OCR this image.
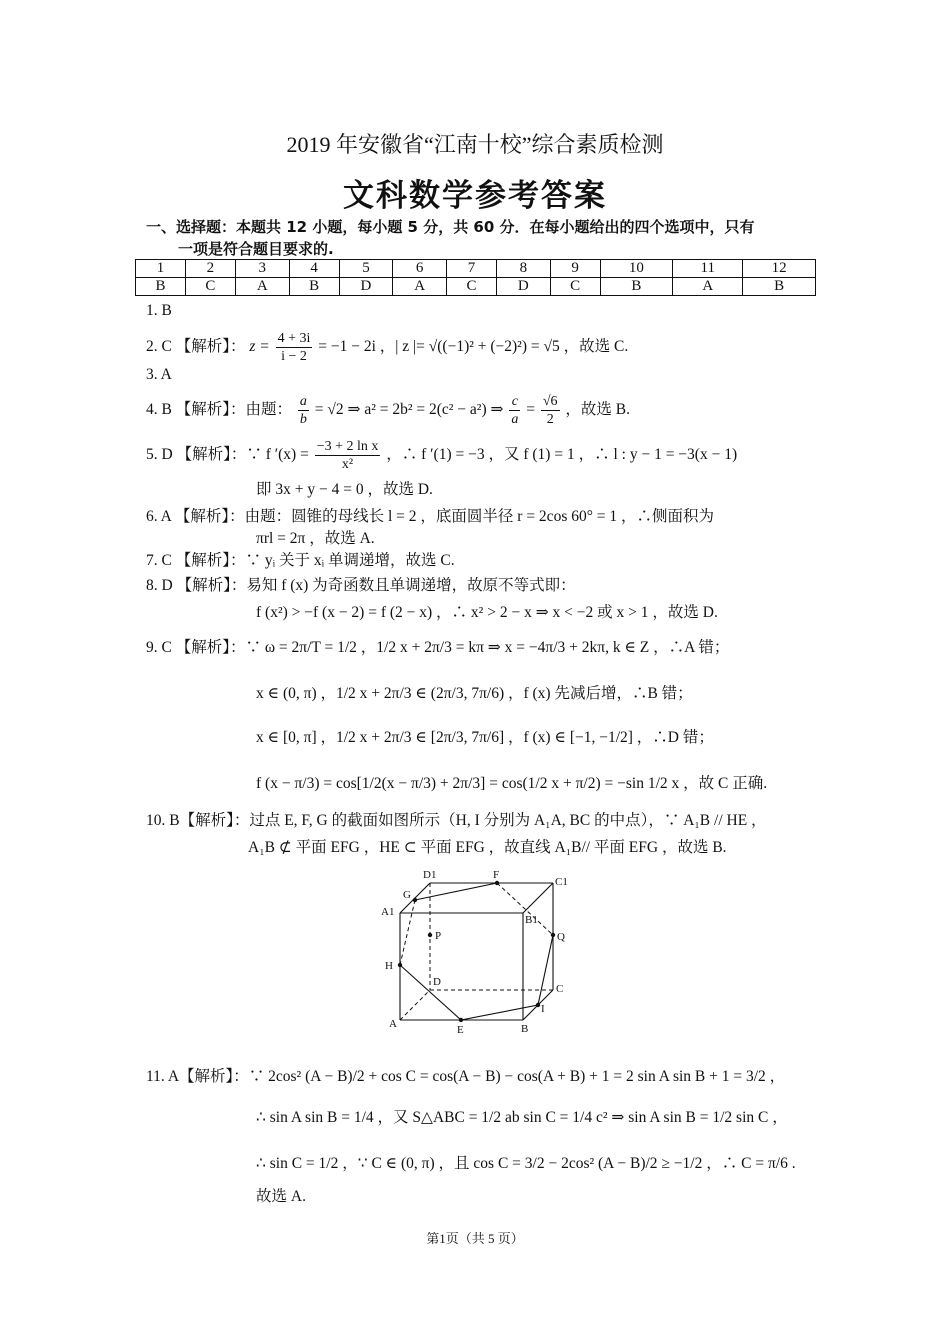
2019 年安徽省“江南十校”综合素质检测
文科数学参考答案
一、选择题：本题共 12 小题，每小题 5 分，共 60 分．在每小题给出的四个选项中，只有
一项是符合题目要求的.
1	2	3	4	5	6	7	8	9	10	11	12
B	C	A	B	D	A	C	D	C	B	A	B
1. B
2. C 【解析】： $z = \frac{4 + 3i}{i - 2} = -1 - 2i$ ，| z |= √((−1)² + (−2)²) = √5 ，故选 C.
3. A
4. B 【解析】：由题： $\frac{a}{b} = √2$ ⇒ a² = 2b² = 2(c² − a²) ⇒ $\frac{c}{a} = \frac{√6}{2}$ ，故选 B.
5. D 【解析】：∵ f $'(x) = \frac{\text{−3 + 2 ln x}}{\text{x²}}$ ，∴ f ′(1) = −3 ，又 f (1) = 1 ，∴ l : y − 1 = −3(x − 1)
即 3x + y − 4 = 0 ，故选 D.
6. A 【解析】：由题：圆锥的母线长 l = 2 ，底面圆半径 r = 2cos 60° = 1 ，∴侧面积为
πrl = 2π ，故选 A.
7. C 【解析】：∵ yᵢ 关于 xᵢ 单调递增，故选 C.
8. D 【解析】：易知 f (x) 为奇函数且单调递增，故原不等式即：
f (x²) > −f (x − 2) = f (2 − x) ，∴ x² > 2 − x ⇒ x < −2 或 x > 1 ，故选 D.
9. C 【解析】：∵ ω = 2π/T = 1/2 ，1/2 x + 2π/3 = kπ ⇒ x = −4π/3 + 2kπ, k ∈ Z ，∴A 错；
x ∈ (0, π) ，1/2 x + 2π/3 ∈ (2π/3, 7π/6) ，f (x) 先减后增，∴B 错；
x ∈ [0, π] ，1/2 x + 2π/3 ∈ [2π/3, 7π/6] ，f (x) ∈ [−1, −1/2] ，∴D 错；
f (x − π/3) = cos[1/2(x − π/3) + 2π/3] = cos(1/2 x + π/2) = −sin 1/2 x ，故 C 正确.
10. B【解析】：过点 E, F, G 的截面如图所示（H, I 分别为 A₁A, BC 的中点），∵ A₁B // HE ，
A₁B ⊄ 平面 EFG ，HE ⊂ 平面 EFG ，故直线 A₁B// 平面 EFG ，故选 B.
D1	F
C1
G
A1
B1
P	Q
H
D
C
I
A	E	B
11. A【解析】：∵ 2cos² (A − B)/2 + cos C = cos(A − B) − cos(A + B) + 1 = 2 sin A sin B + 1 = 3/2 ，
∴ sin A sin B = 1/4 ，又 S△ABC = 1/2 ab sin C = 1/4 c² ⇒ sin A sin B = 1/2 sin C ，
∴ sin C = 1/2 ，∵ C ∈ (0, π) ，且 cos C = 3/2 − 2cos² (A − B)/2 ≥ −1/2 ，∴ C = π/6 .
故选 A.
第1页（共 5 页）
